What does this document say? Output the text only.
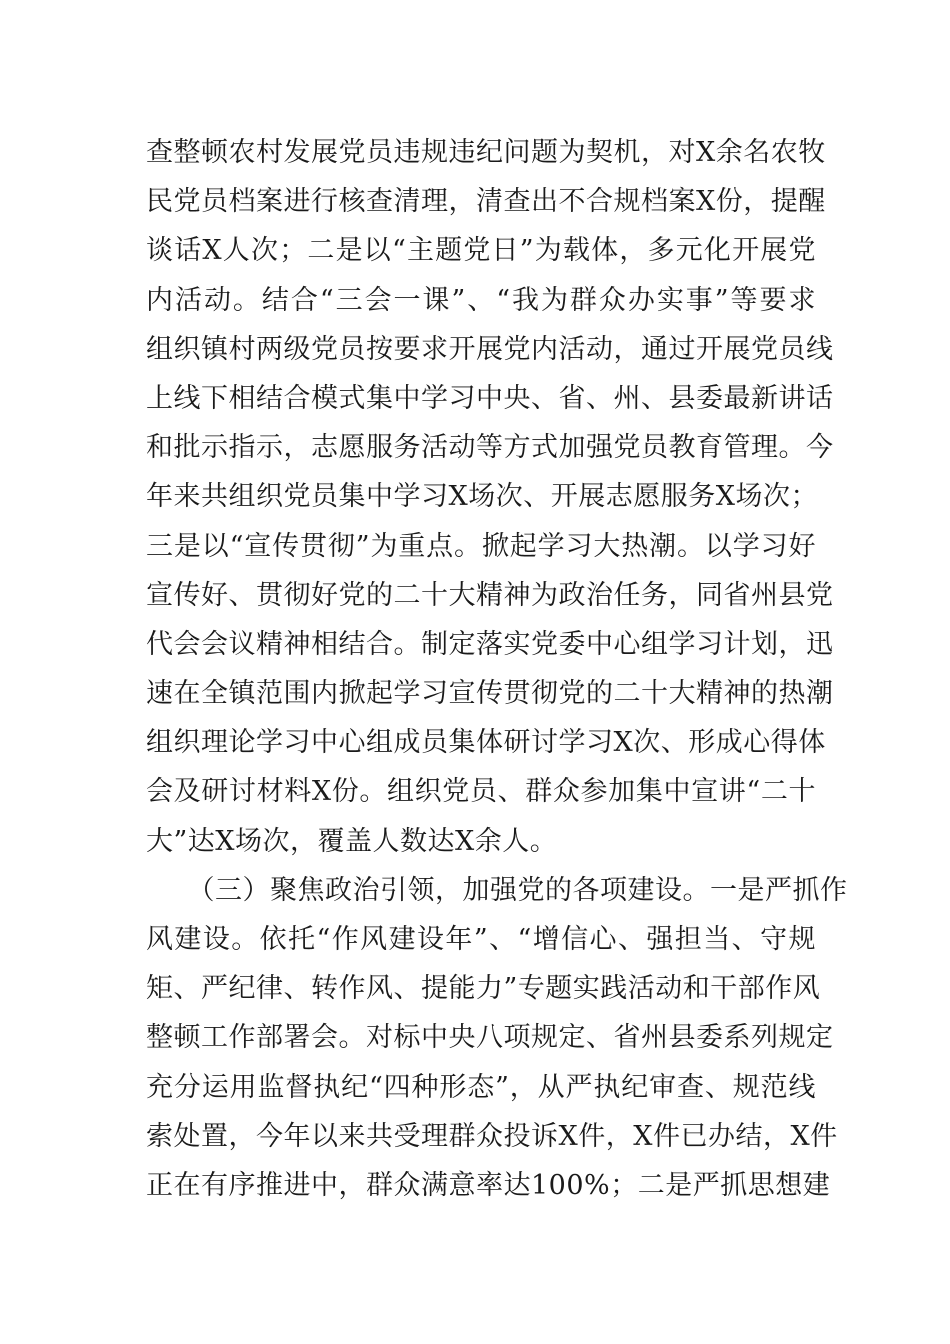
查整顿农村发展党员违规违纪问题为契机，对X余名农牧
民党员档案进行核查清理，清查出不合规档案X份，提醒
谈话X人次；二是以“主题党日”为载体，多元化开展党
内活动。结合“三会一课”、“我为群众办实事”等要求
组织镇村两级党员按要求开展党内活动，通过开展党员线
上线下相结合模式集中学习中央、省、州、县委最新讲话
和批示指示，志愿服务活动等方式加强党员教育管理。今
年来共组织党员集中学习X场次、开展志愿服务X场次；
三是以“宣传贯彻”为重点。掀起学习大热潮。以学习好
宣传好、贯彻好党的二十大精神为政治任务，同省州县党
代会会议精神相结合。制定落实党委中心组学习计划，迅
速在全镇范围内掀起学习宣传贯彻党的二十大精神的热潮
组织理论学习中心组成员集体研讨学习X次、形成心得体
会及研讨材料X份。组织党员、群众参加集中宣讲“二十
大”达X场次，覆盖人数达X余人。
　　（三）聚焦政治引领，加强党的各项建设。一是严抓作
风建设。依托“作风建设年”、“增信心、强担当、守规
矩、严纪律、转作风、提能力”专题实践活动和干部作风
整顿工作部署会。对标中央八项规定、省州县委系列规定
充分运用监督执纪“四种形态”，从严执纪审查、规范线
索处置，今年以来共受理群众投诉X件，X件已办结，X件
正在有序推进中，群众满意率达100%；二是严抓思想建
